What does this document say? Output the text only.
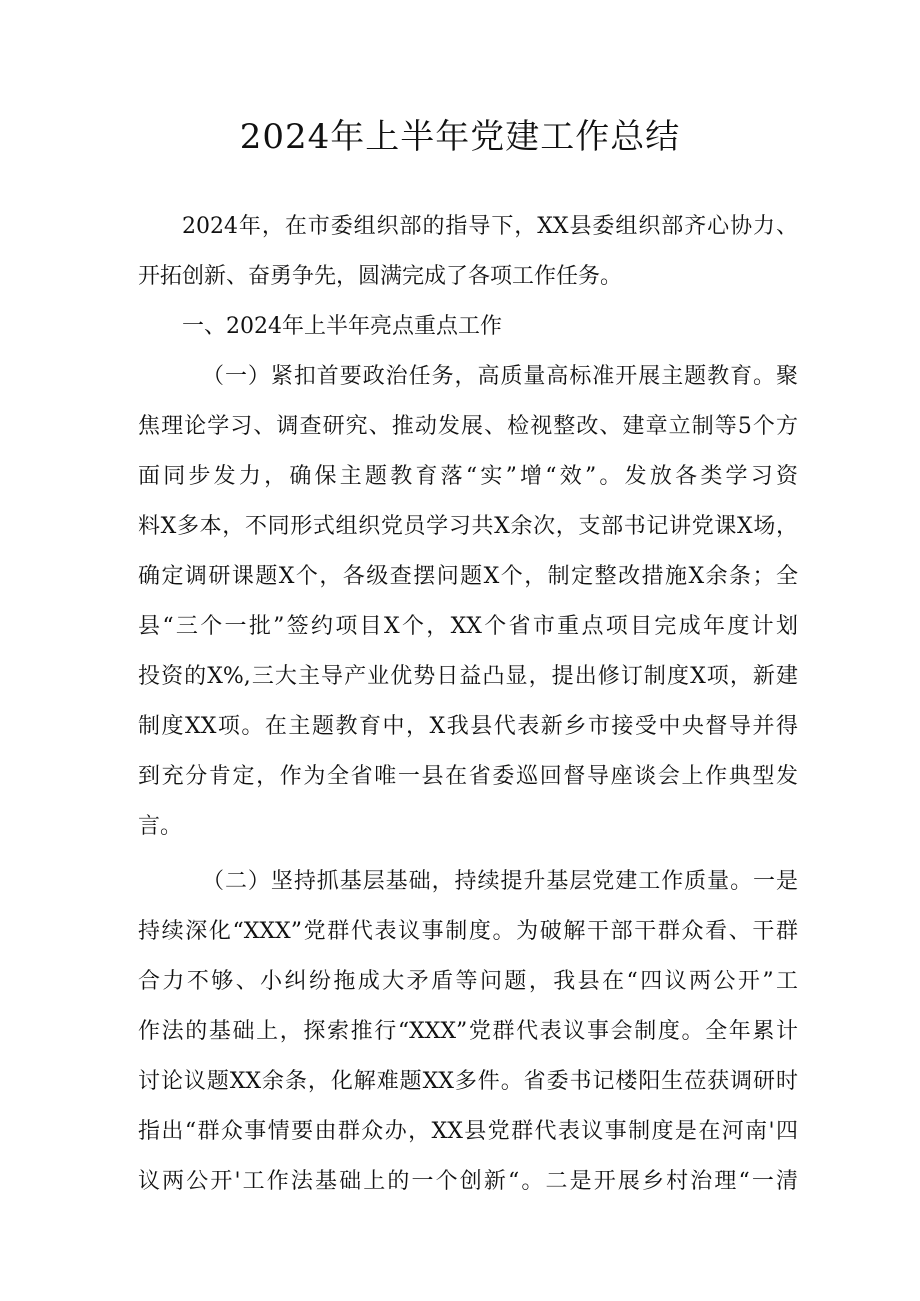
2024年上半年党建工作总结

2024年，在市委组织部的指导下，XX县委组织部齐心协力、

开拓创新、奋勇争先，圆满完成了各项工作任务。

一、2024年上半年亮点重点工作

（一）紧扣首要政治任务，高质量高标准开展主题教育。聚

焦理论学习、调查研究、推动发展、检视整改、建章立制等5个方

面同步发力，确保主题教育落“实”增“效”。发放各类学习资

料X多本，不同形式组织党员学习共X余次，支部书记讲党课X场，

确定调研课题X个，各级查摆问题X个，制定整改措施X余条；全

县“三个一批”签约项目X个，XX个省市重点项目完成年度计划

投资的X%,三大主导产业优势日益凸显，提出修订制度X项，新建

制度XX项。在主题教育中，X我县代表新乡市接受中央督导并得

到充分肯定，作为全省唯一县在省委巡回督导座谈会上作典型发

言。

（二）坚持抓基层基础，持续提升基层党建工作质量。一是

持续深化“XXX”党群代表议事制度。为破解干部干群众看、干群

合力不够、小纠纷拖成大矛盾等问题，我县在“四议两公开”工

作法的基础上，探索推行“XXX”党群代表议事会制度。全年累计

讨论议题XX余条，化解难题XX多件。省委书记楼阳生莅获调研时

指出“群众事情要由群众办，XX县党群代表议事制度是在河南'四

议两公开'工作法基础上的一个创新“。二是开展乡村治理“一清
